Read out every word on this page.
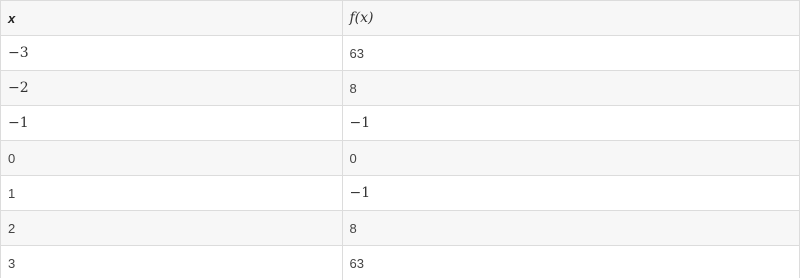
x	f(x)
−3	63
−2	8
−1	−1
0	0
1	−1
2	8
3	63
